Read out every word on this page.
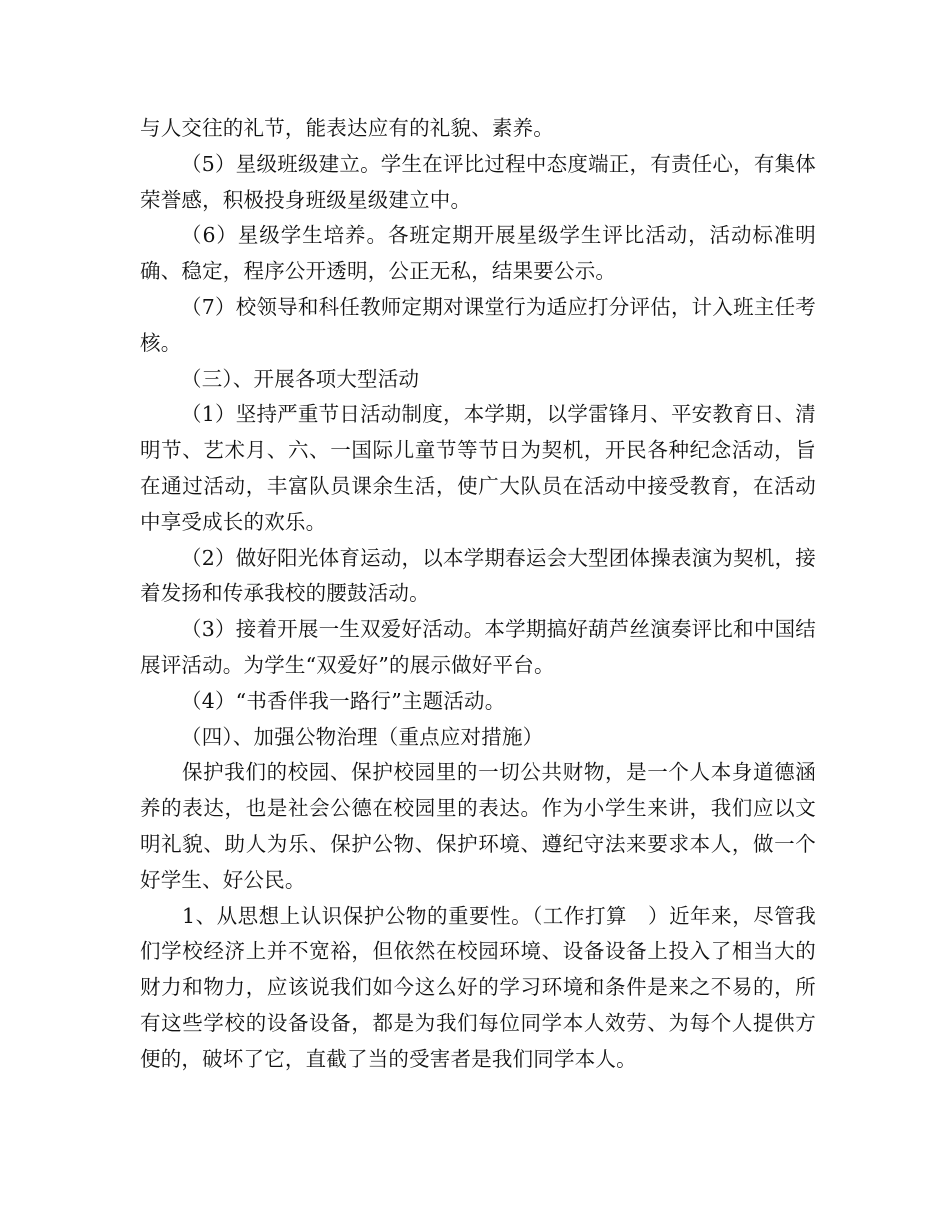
与人交往的礼节，能表达应有的礼貌、素养。

（5）星级班级建立。学生在评比过程中态度端正，有责任心，有集体荣誉感，积极投身班级星级建立中。

（6）星级学生培养。各班定期开展星级学生评比活动，活动标准明确、稳定，程序公开透明，公正无私，结果要公示。

（7）校领导和科任教师定期对课堂行为适应打分评估，计入班主任考核。

（三）、开展各项大型活动

（1）坚持严重节日活动制度，本学期，以学雷锋月、平安教育日、清明节、艺术月、六、一国际儿童节等节日为契机，开民各种纪念活动，旨在通过活动，丰富队员课余生活，使广大队员在活动中接受教育，在活动中享受成长的欢乐。

（2）做好阳光体育运动，以本学期春运会大型团体操表演为契机，接着发扬和传承我校的腰鼓活动。

（3）接着开展一生双爱好活动。本学期搞好葫芦丝演奏评比和中国结展评活动。为学生“双爱好”的展示做好平台。

（4）“书香伴我一路行”主题活动。

（四）、加强公物治理（重点应对措施）

保护我们的校园、保护校园里的一切公共财物，是一个人本身道德涵养的表达，也是社会公德在校园里的表达。作为小学生来讲，我们应以文明礼貌、助人为乐、保护公物、保护环境、遵纪守法来要求本人，做一个好学生、好公民。

1、从思想上认识保护公物的重要性。（工作打算　）近年来，尽管我们学校经济上并不宽裕，但依然在校园环境、设备设备上投入了相当大的财力和物力，应该说我们如今这么好的学习环境和条件是来之不易的，所有这些学校的设备设备，都是为我们每位同学本人效劳、为每个人提供方便的，破坏了它，直截了当的受害者是我们同学本人。
